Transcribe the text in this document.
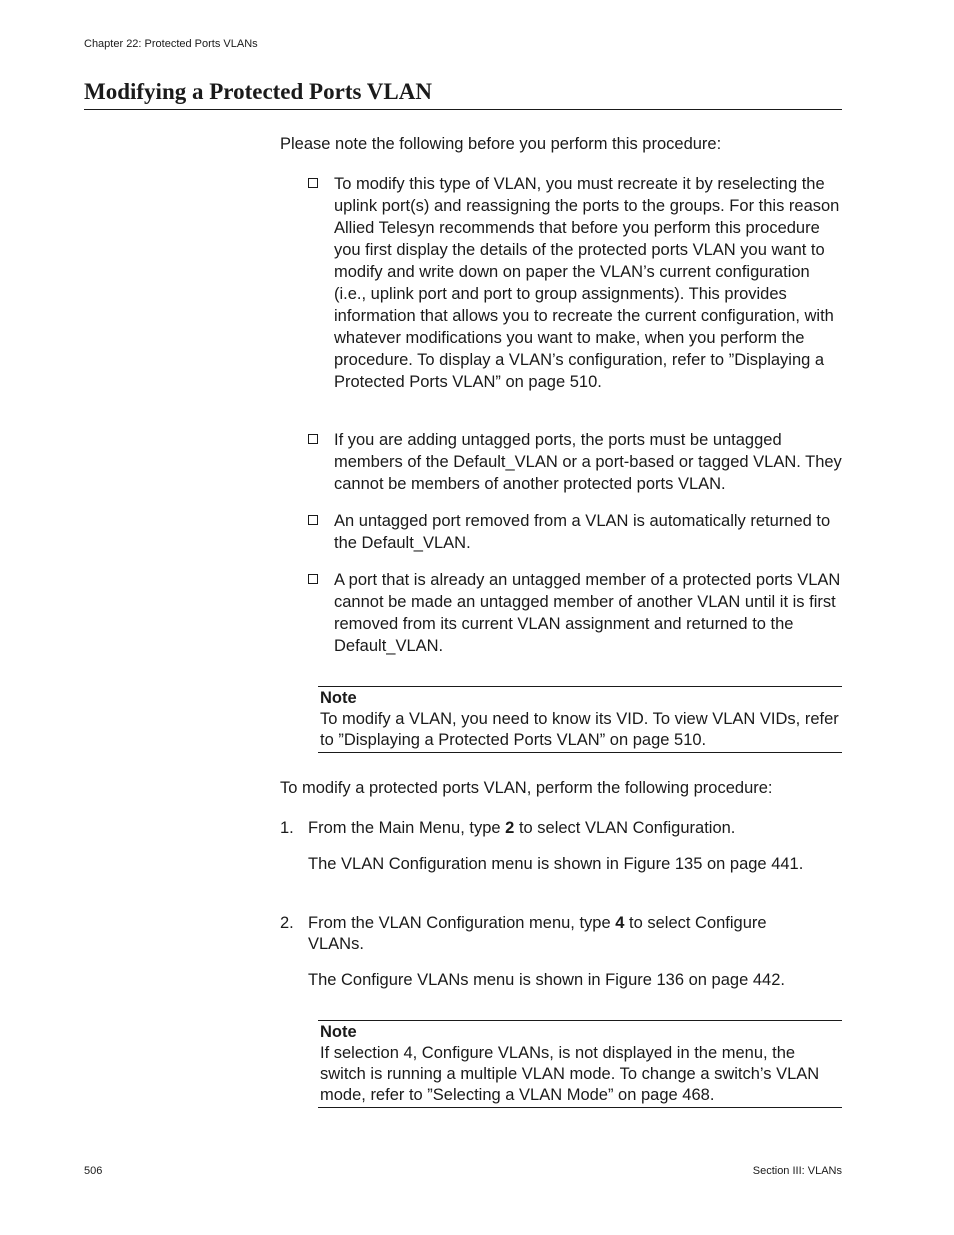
Chapter 22: Protected Ports VLANs
Modifying a Protected Ports VLAN

Please note the following before you perform this procedure:

To modify this type of VLAN, you must recreate it by reselecting the uplink port(s) and reassigning the ports to the groups. For this reason Allied Telesyn recommends that before you perform this procedure you first display the details of the protected ports VLAN you want to modify and write down on paper the VLAN’s current configuration (i.e., uplink port and port to group assignments). This provides information that allows you to recreate the current configuration, with whatever modifications you want to make, when you perform the procedure. To display a VLAN’s configuration, refer to ”Displaying a Protected Ports VLAN” on page 510.
If you are adding untagged ports, the ports must be untagged members of the Default_VLAN or a port-based or tagged VLAN. They cannot be members of another protected ports VLAN.
An untagged port removed from a VLAN is automatically returned to the Default_VLAN.
A port that is already an untagged member of a protected ports VLAN cannot be made an untagged member of another VLAN until it is first removed from its current VLAN assignment and returned to the Default_VLAN.
Note
To modify a VLAN, you need to know its VID. To view VLAN VIDs, refer to ”Displaying a Protected Ports VLAN” on page 510.

To modify a protected ports VLAN, perform the following procedure:

1. From the Main Menu, type 2 to select VLAN Configuration.
The VLAN Configuration menu is shown in Figure 135 on page 441.
2. From the VLAN Configuration menu, type 4 to select Configure VLANs.
The Configure VLANs menu is shown in Figure 136 on page 442.
Note
If selection 4, Configure VLANs, is not displayed in the menu, the switch is running a multiple VLAN mode. To change a switch’s VLAN mode, refer to ”Selecting a VLAN Mode” on page 468.
506	Section III: VLANs
